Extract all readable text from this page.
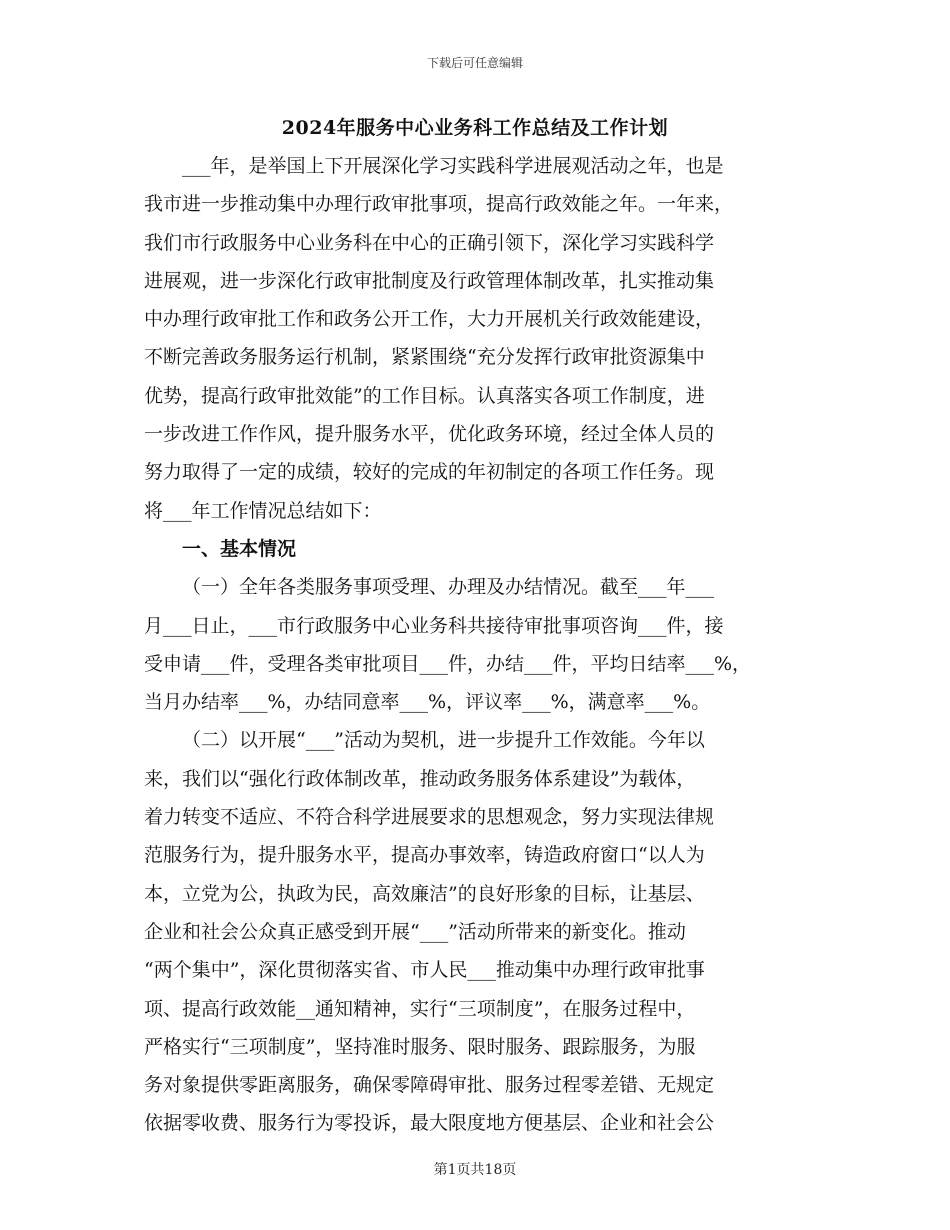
下载后可任意编辑
2024年服务中心业务科工作总结及工作计划
___年，是举国上下开展深化学习实践科学进展观活动之年，也是
我市进一步推动集中办理行政审批事项，提高行政效能之年。一年来，
我们市行政服务中心业务科在中心的正确引领下，深化学习实践科学
进展观，进一步深化行政审批制度及行政管理体制改革，扎实推动集
中办理行政审批工作和政务公开工作，大力开展机关行政效能建设，
不断完善政务服务运行机制，紧紧围绕“充分发挥行政审批资源集中
优势，提高行政审批效能”的工作目标。认真落实各项工作制度，进
一步改进工作作风，提升服务水平，优化政务环境，经过全体人员的
努力取得了一定的成绩，较好的完成的年初制定的各项工作任务。现
将___年工作情况总结如下：
一、基本情况
（一）全年各类服务事项受理、办理及办结情况。截至___年___
月___日止，___市行政服务中心业务科共接待审批事项咨询___件，接
受申请___件，受理各类审批项目___件，办结___件，平均日结率___%，
当月办结率___%，办结同意率___%，评议率___%，满意率___%。
（二）以开展“___”活动为契机，进一步提升工作效能。今年以
来，我们以“强化行政体制改革，推动政务服务体系建设”为载体，
着力转变不适应、不符合科学进展要求的思想观念，努力实现法律规
范服务行为，提升服务水平，提高办事效率，铸造政府窗口“以人为
本，立党为公，执政为民，高效廉洁”的良好形象的目标，让基层、
企业和社会公众真正感受到开展“___”活动所带来的新变化。推动
“两个集中”，深化贯彻落实省、市人民___推动集中办理行政审批事
项、提高行政效能__通知精神，实行“三项制度”，在服务过程中，
严格实行“三项制度”，坚持准时服务、限时服务、跟踪服务，为服
务对象提供零距离服务，确保零障碍审批、服务过程零差错、无规定
依据零收费、服务行为零投诉，最大限度地方便基层、企业和社会公
第1页共18页
